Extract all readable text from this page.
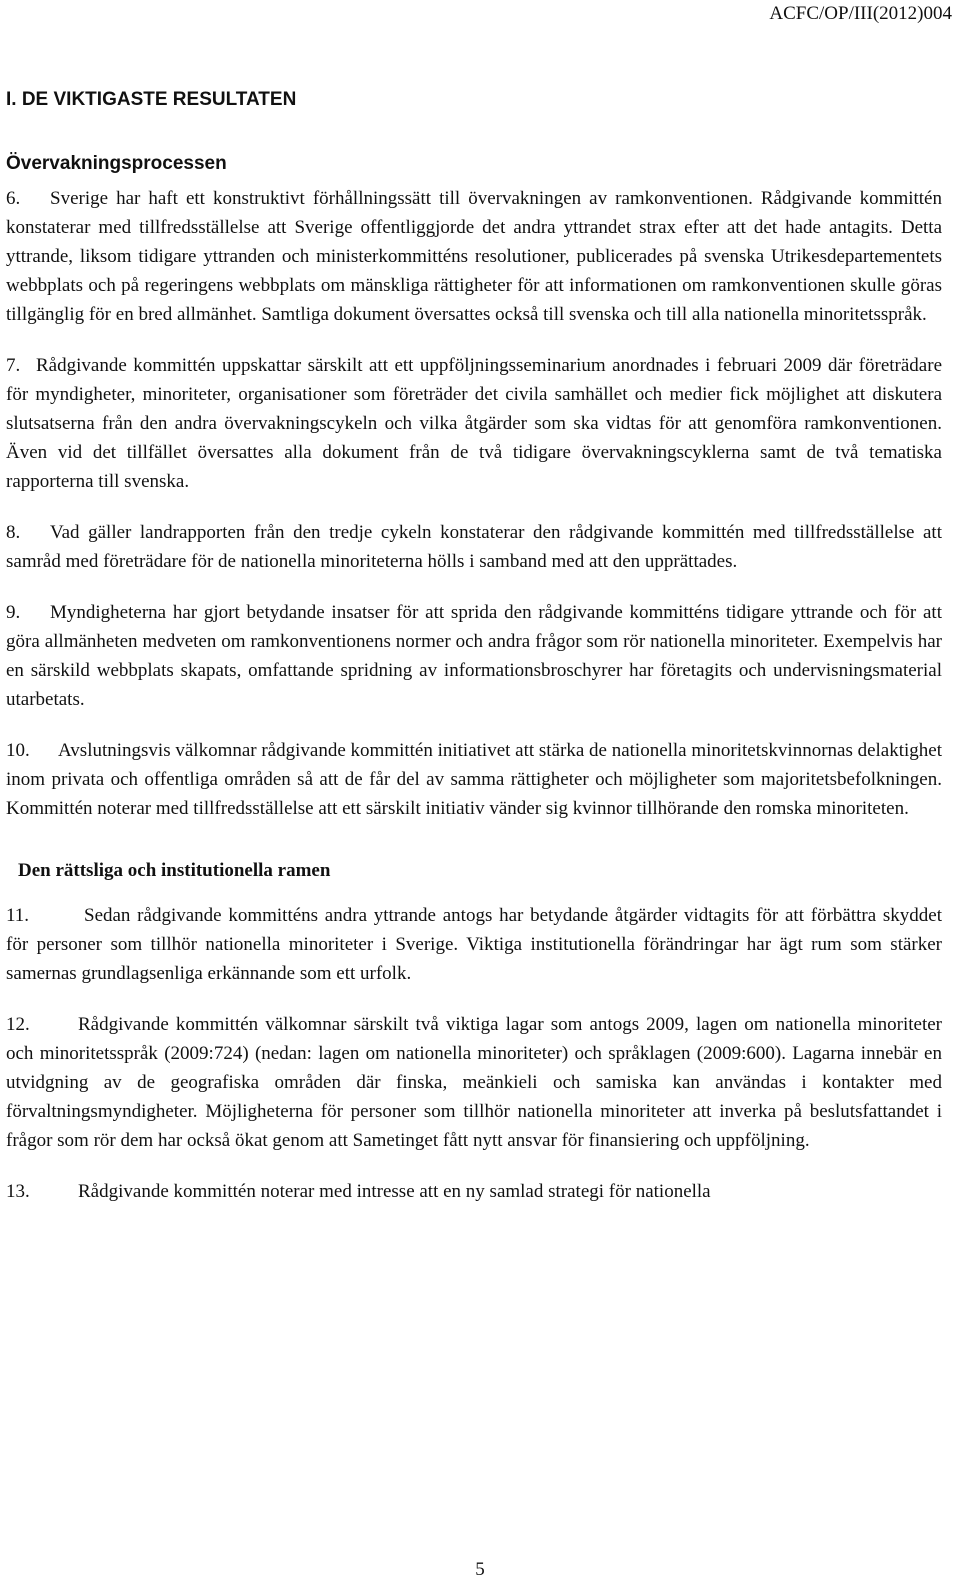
ACFC/OP/III(2012)004
I. DE VIKTIGASTE RESULTATEN
Övervakningsprocessen

6. Sverige har haft ett konstruktivt förhållningssätt till övervakningen av ramkonventionen. Rådgivande kommittén konstaterar med tillfredsställelse att Sverige offentliggjorde det andra yttrandet strax efter att det hade antagits. Detta yttrande, liksom tidigare yttranden och ministerkommitténs resolutioner, publicerades på svenska Utrikesdepartementets webbplats och på regeringens webbplats om mänskliga rättigheter för att informationen om ramkonventionen skulle göras tillgänglig för en bred allmänhet. Samtliga dokument översattes också till svenska och till alla nationella minoritetsspråk.

7. Rådgivande kommittén uppskattar särskilt att ett uppföljningsseminarium anordnades i februari 2009 där företrädare för myndigheter, minoriteter, organisationer som företräder det civila samhället och medier fick möjlighet att diskutera slutsatserna från den andra övervakningscykeln och vilka åtgärder som ska vidtas för att genomföra ramkonventionen. Även vid det tillfället översattes alla dokument från de två tidigare övervakningscyklerna samt de två tematiska rapporterna till svenska.

8. Vad gäller landrapporten från den tredje cykeln konstaterar den rådgivande kommittén med tillfredsställelse att samråd med företrädare för de nationella minoriteterna hölls i samband med att den upprättades.

9. Myndigheterna har gjort betydande insatser för att sprida den rådgivande kommitténs tidigare yttrande och för att göra allmänheten medveten om ramkonventionens normer och andra frågor som rör nationella minoriteter. Exempelvis har en särskild webbplats skapats, omfattande spridning av informationsbroschyrer har företagits och undervisningsmaterial utarbetats.

10. Avslutningsvis välkomnar rådgivande kommittén initiativet att stärka de nationella minoritetskvinnornas delaktighet inom privata och offentliga områden så att de får del av samma rättigheter och möjligheter som majoritetsbefolkningen. Kommittén noterar med tillfredsställelse att ett särskilt initiativ vänder sig kvinnor tillhörande den romska minoriteten.

Den rättsliga och institutionella ramen

11.	Sedan rådgivande kommitténs andra yttrande antogs har betydande åtgärder vidtagits för att förbättra skyddet för personer som tillhör nationella minoriteter i Sverige. Viktiga institutionella förändringar har ägt rum som stärker samernas grundlagsenliga erkännande som ett urfolk.

12.	Rådgivande kommittén välkomnar särskilt två viktiga lagar som antogs 2009, lagen om nationella minoriteter och minoritetsspråk (2009:724) (nedan: lagen om nationella minoriteter) och språklagen (2009:600). Lagarna innebär en utvidgning av de geografiska områden där finska, meänkieli och samiska kan användas i kontakter med förvaltningsmyndigheter. Möjligheterna för personer som tillhör nationella minoriteter att inverka på beslutsfattandet i frågor som rör dem har också ökat genom att Sametinget fått nytt ansvar för finansiering och uppföljning.

13.	Rådgivande kommittén noterar med intresse att en ny samlad strategi för nationella

5
